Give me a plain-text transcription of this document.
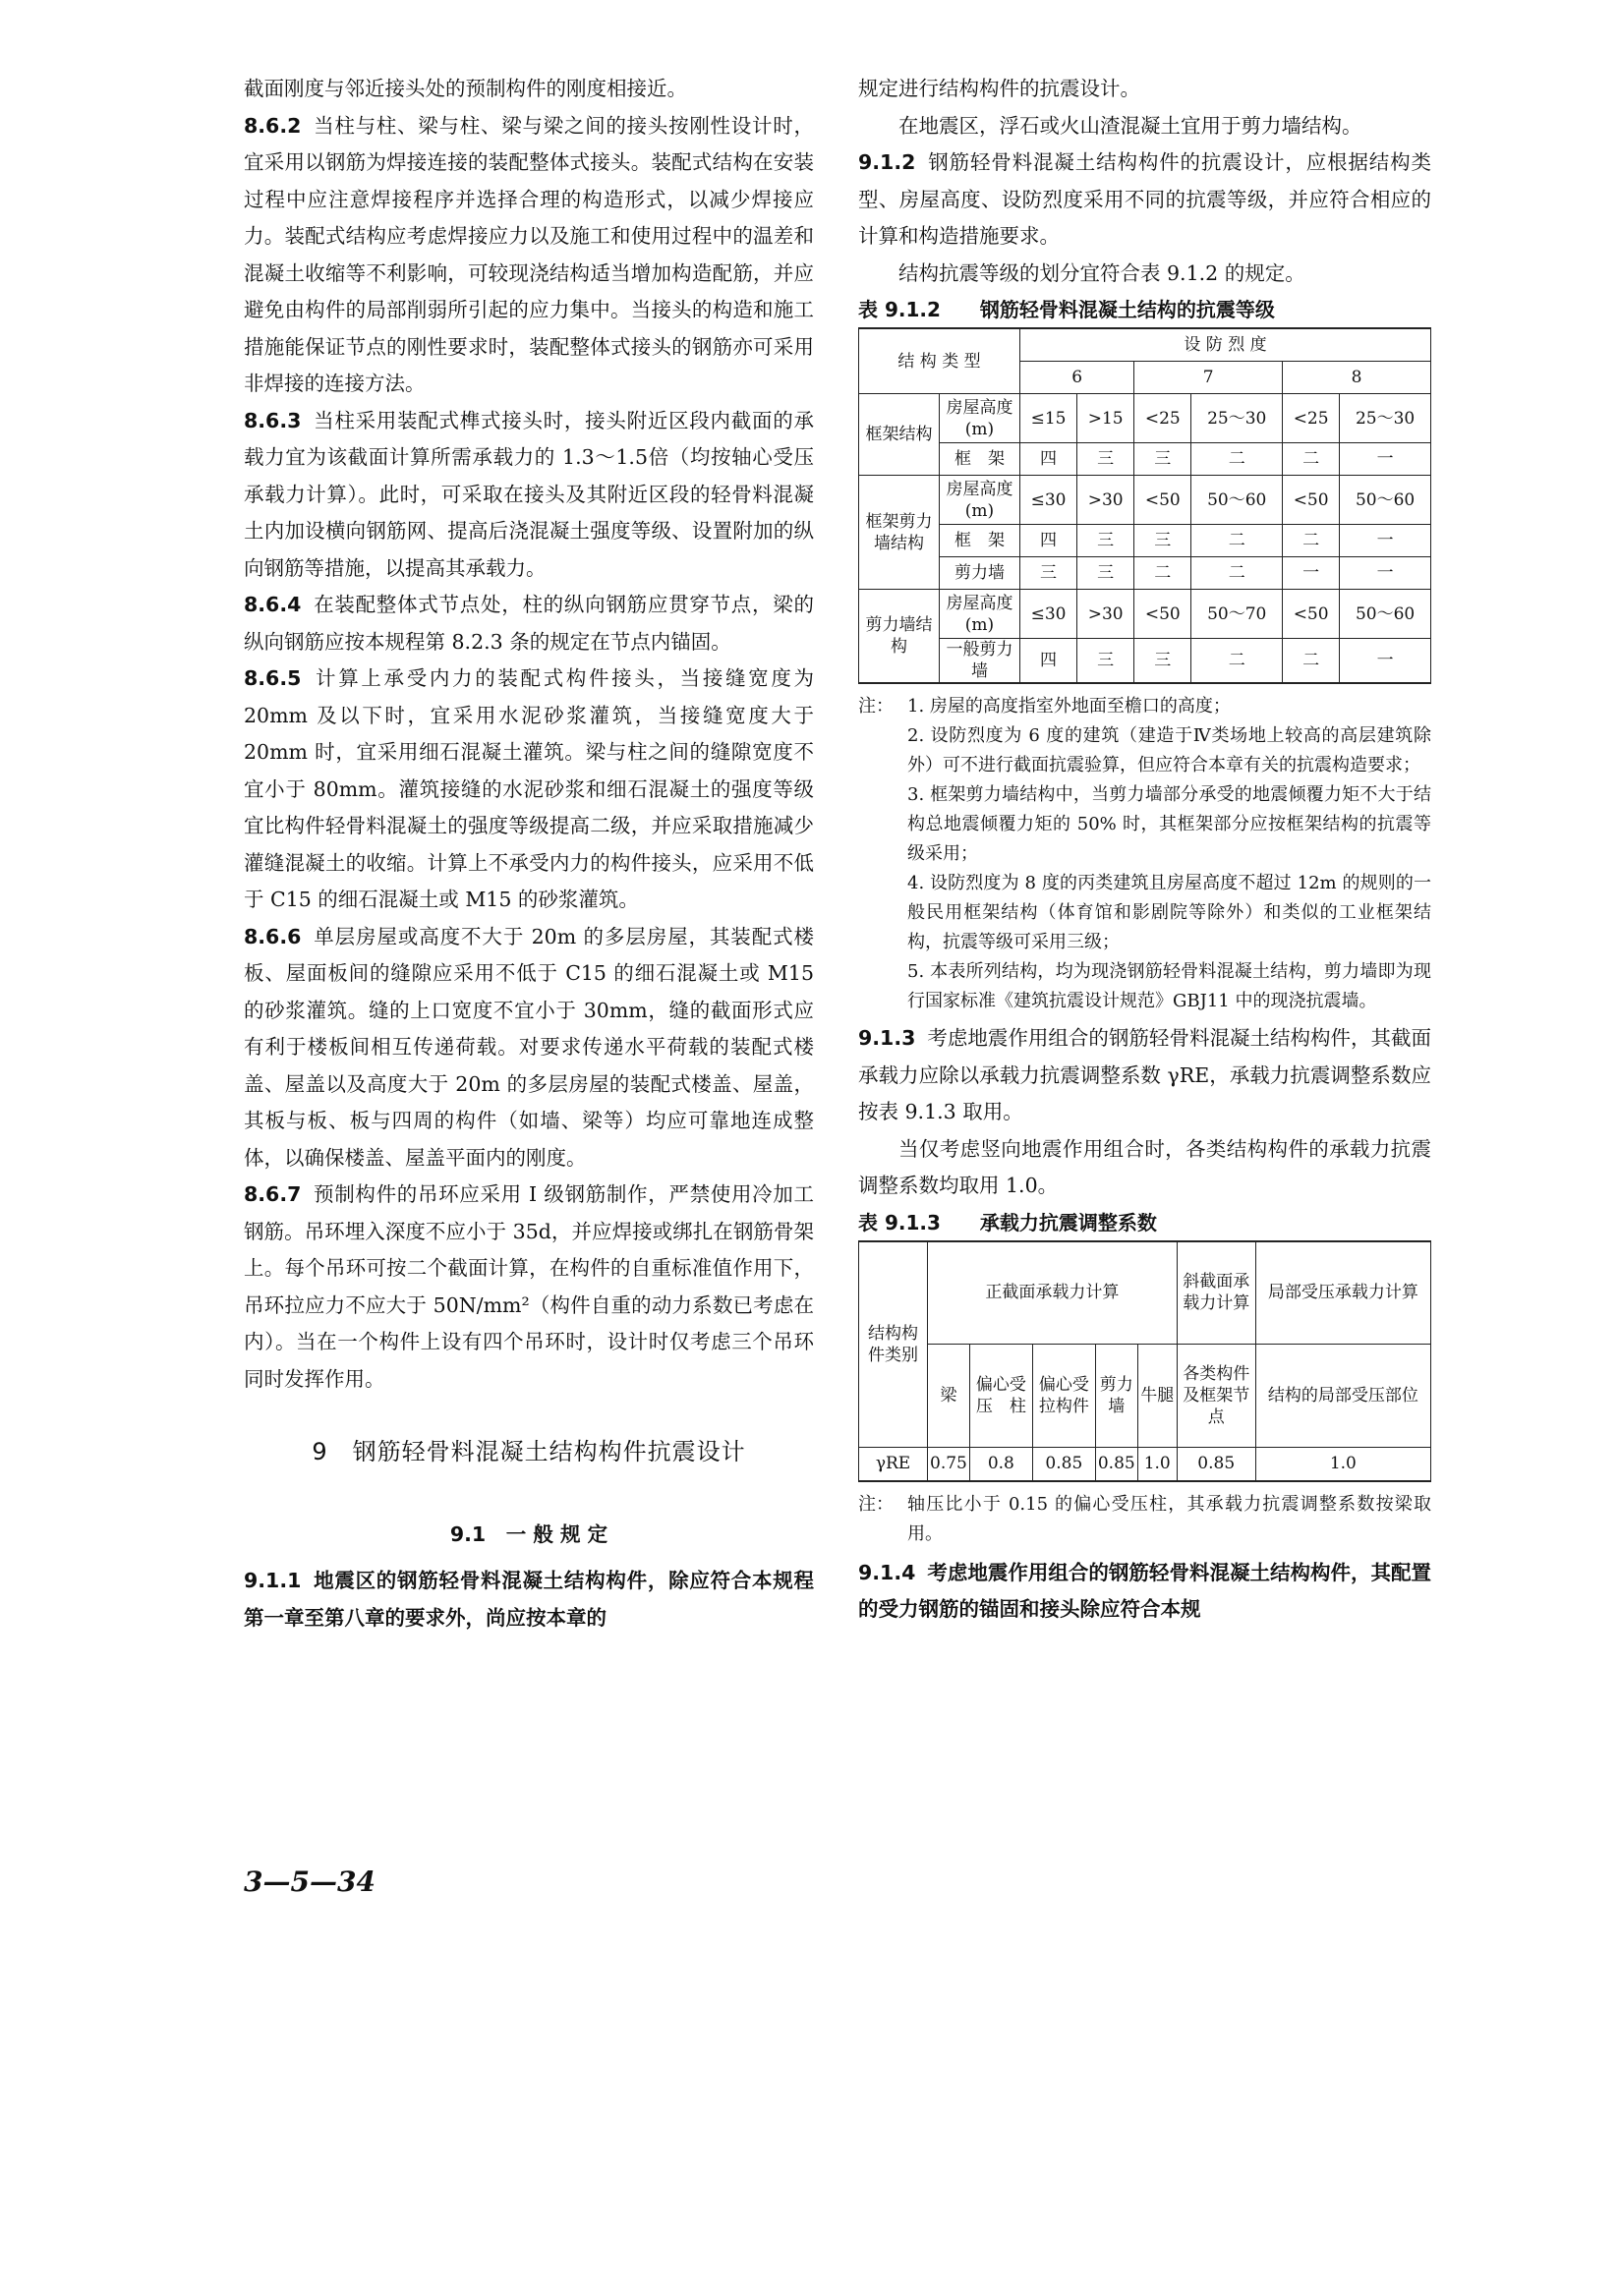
截面刚度与邻近接头处的预制构件的刚度相接近。

8.6.2 当柱与柱、梁与柱、梁与梁之间的接头按刚性设计时，宜采用以钢筋为焊接连接的装配整体式接头。装配式结构在安装过程中应注意焊接程序并选择合理的构造形式，以减少焊接应力。装配式结构应考虑焊接应力以及施工和使用过程中的温差和混凝土收缩等不利影响，可较现浇结构适当增加构造配筋，并应避免由构件的局部削弱所引起的应力集中。当接头的构造和施工措施能保证节点的刚性要求时，装配整体式接头的钢筋亦可采用非焊接的连接方法。

8.6.3 当柱采用装配式榫式接头时，接头附近区段内截面的承载力宜为该截面计算所需承载力的 1.3～1.5倍（均按轴心受压承载力计算）。此时，可采取在接头及其附近区段的轻骨料混凝土内加设横向钢筋网、提高后浇混凝土强度等级、设置附加的纵向钢筋等措施，以提高其承载力。

8.6.4 在装配整体式节点处，柱的纵向钢筋应贯穿节点，梁的纵向钢筋应按本规程第 8.2.3 条的规定在节点内锚固。

8.6.5 计算上承受内力的装配式构件接头，当接缝宽度为 20mm 及以下时，宜采用水泥砂浆灌筑，当接缝宽度大于 20mm 时，宜采用细石混凝土灌筑。梁与柱之间的缝隙宽度不宜小于 80mm。灌筑接缝的水泥砂浆和细石混凝土的强度等级宜比构件轻骨料混凝土的强度等级提高二级，并应采取措施减少灌缝混凝土的收缩。计算上不承受内力的构件接头，应采用不低于 C15 的细石混凝土或 M15 的砂浆灌筑。

8.6.6 单层房屋或高度不大于 20m 的多层房屋，其装配式楼板、屋面板间的缝隙应采用不低于 C15 的细石混凝土或 M15 的砂浆灌筑。缝的上口宽度不宜小于 30mm，缝的截面形式应有利于楼板间相互传递荷载。对要求传递水平荷载的装配式楼盖、屋盖以及高度大于 20m 的多层房屋的装配式楼盖、屋盖，其板与板、板与四周的构件（如墙、梁等）均应可靠地连成整体，以确保楼盖、屋盖平面内的刚度。

8.6.7 预制构件的吊环应采用 I 级钢筋制作，严禁使用冷加工钢筋。吊环埋入深度不应小于 35d，并应焊接或绑扎在钢筋骨架上。每个吊环可按二个截面计算，在构件的自重标准值作用下，吊环拉应力不应大于 50N/mm²（构件自重的动力系数已考虑在内）。当在一个构件上设有四个吊环时，设计时仅考虑三个吊环同时发挥作用。

9　钢筋轻骨料混凝土结构构件抗震设计
9.1　一 般 规 定

9.1.1 地震区的钢筋轻骨料混凝土结构构件，除应符合本规程第一章至第八章的要求外，尚应按本章的

3—5—34

规定进行结构构件的抗震设计。

在地震区，浮石或火山渣混凝土宜用于剪力墙结构。

9.1.2 钢筋轻骨料混凝土结构构件的抗震设计，应根据结构类型、房屋高度、设防烈度采用不同的抗震等级，并应符合相应的计算和构造措施要求。

结构抗震等级的划分宜符合表 9.1.2 的规定。

表 9.1.2 钢筋轻骨料混凝土结构的抗震等级
结 构 类 型		设 防 烈 度					
		6		7		8	
框架结构	房屋高度(m)	≤15	>15	<25	25～30	<25	25～30
	框　架	四	三	三	二	二	一
框架剪力墙结构	房屋高度(m)	≤30	>30	<50	50～60	<50	50～60
	框　架	四	三	三	二	二	一
	剪力墙	三	三	二	二	一	一
剪力墙结构	房屋高度(m)	≤30	>30	<50	50～70	<50	50～60
	一般剪力墙	四	三	三	二	二	一
注： 1. 房屋的高度指室外地面至檐口的高度；
2. 设防烈度为 6 度的建筑（建造于Ⅳ类场地上较高的高层建筑除外）可不进行截面抗震验算，但应符合本章有关的抗震构造要求；
3. 框架剪力墙结构中，当剪力墙部分承受的地震倾覆力矩不大于结构总地震倾覆力矩的 50% 时，其框架部分应按框架结构的抗震等级采用；
4. 设防烈度为 8 度的丙类建筑且房屋高度不超过 12m 的规则的一般民用框架结构（体育馆和影剧院等除外）和类似的工业框架结构，抗震等级可采用三级；
5. 本表所列结构，均为现浇钢筋轻骨料混凝土结构，剪力墙即为现行国家标准《建筑抗震设计规范》GBJ11 中的现浇抗震墙。

9.1.3 考虑地震作用组合的钢筋轻骨料混凝土结构构件，其截面承载力应除以承载力抗震调整系数 γRE，承载力抗震调整系数应按表 9.1.3 取用。

当仅考虑竖向地震作用组合时，各类结构构件的承载力抗震调整系数均取用 1.0。

表 9.1.3 承载力抗震调整系数
结构构件类别	正截面承载力计算					斜截面承载力计算	局部受压承载力计算
	梁	偏心受压　柱	偏心受拉构件	剪力墙	牛腿	各类构件及框架节点	结构的局部受压部位
γRE	0.75	0.8	0.85	0.85	1.0	0.85	1.0
注： 轴压比小于 0.15 的偏心受压柱，其承载力抗震调整系数按梁取用。

9.1.4 考虑地震作用组合的钢筋轻骨料混凝土结构构件，其配置的受力钢筋的锚固和接头除应符合本规
